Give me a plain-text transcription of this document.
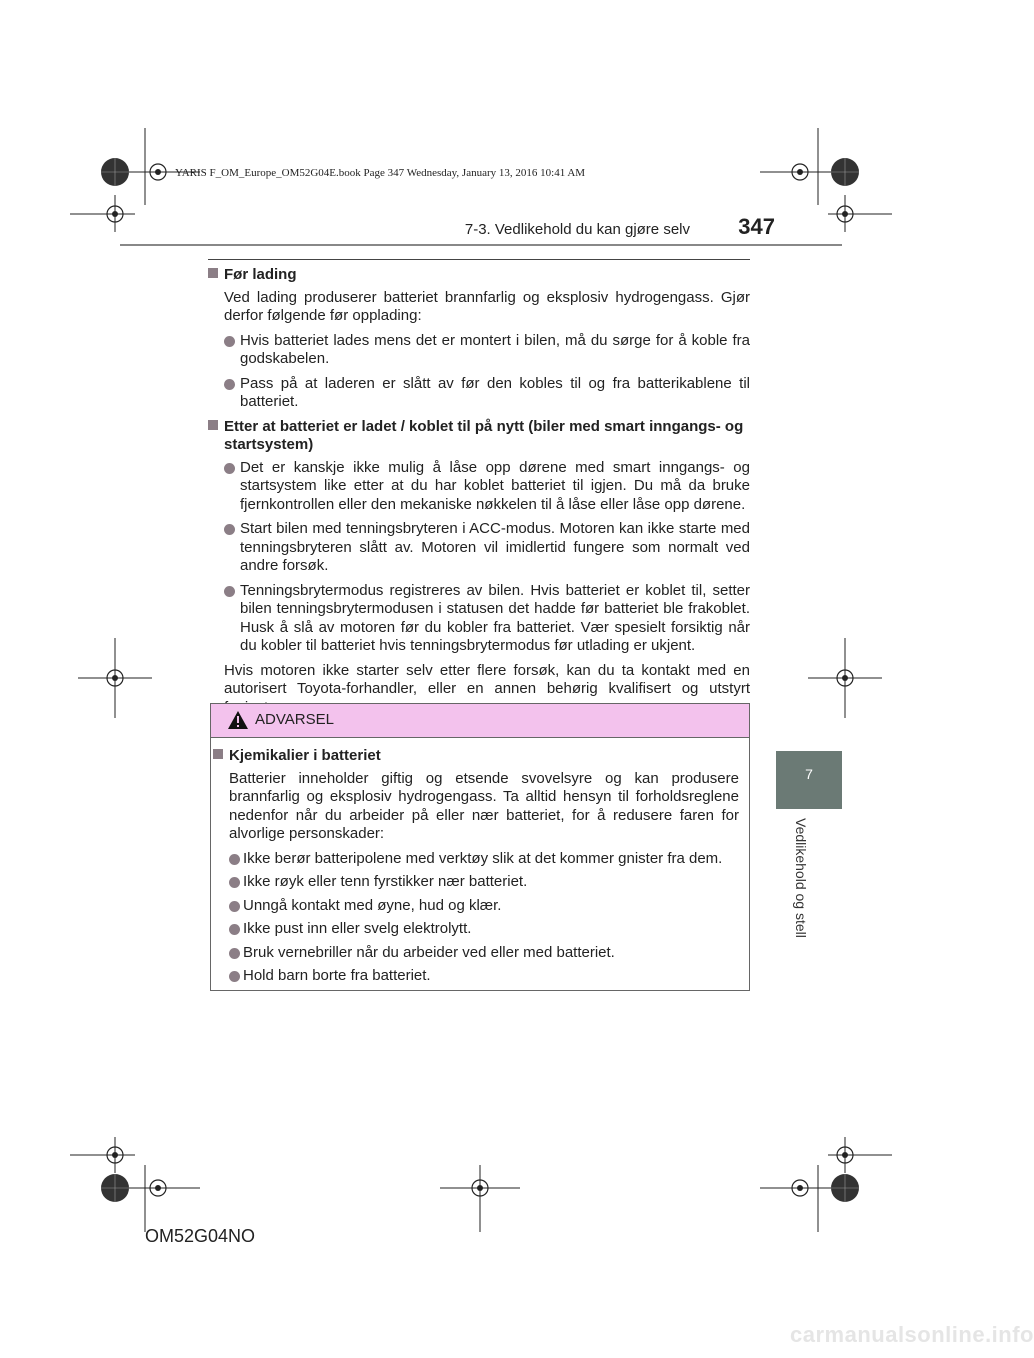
YARIS F_OM_Europe_OM52G04E.book Page 347 Wednesday, January 13, 2016 10:41 AM
7-3. Vedlikehold du kan gjøre selv	347
7
Vedlikehold og stell
Før lading
Ved lading produserer batteriet brannfarlig og eksplosiv hydrogengass. Gjør derfor følgende før opplading:
Hvis batteriet lades mens det er montert i bilen, må du sørge for å koble fra godskabelen.
Pass på at laderen er slått av før den kobles til og fra batterikablene til batteriet.
Etter at batteriet er ladet / koblet til på nytt (biler med smart inngangs- og startsystem)
Det er kanskje ikke mulig å låse opp dørene med smart inngangs- og startsystem like etter at du har koblet batteriet til igjen. Du må da bruke fjernkontrollen eller den mekaniske nøkkelen til å låse eller låse opp dørene.
Start bilen med tenningsbryteren i ACC-modus. Motoren kan ikke starte med tenningsbryteren slått av. Motoren vil imidlertid fungere som normalt ved andre forsøk.
Tenningsbrytermodus registreres av bilen. Hvis batteriet er koblet til, setter bilen tenningsbrytermodusen i statusen det hadde før batteriet ble frakoblet. Husk å slå av motoren før du kobler fra batteriet. Vær spesielt forsiktig når du kobler til batteriet hvis tenningsbrytermodus før utlading er ukjent.
Hvis motoren ikke starter selv etter flere forsøk, kan du ta kontakt med en autorisert Toyota-forhandler, eller en annen behørig kvalifisert og utstyrt
ADVARSEL
Kjemikalier i batteriet
Batterier inneholder giftig og etsende svovelsyre og kan produsere brannfarlig og eksplosiv hydrogengass. Ta alltid hensyn til forholdsreglene nedenfor når du arbeider på eller nær batteriet, for å redusere faren for alvorlige personskader:
Ikke berør batteripolene med verktøy slik at det kommer gnister fra dem.
Ikke røyk eller tenn fyrstikker nær batteriet.
Unngå kontakt med øyne, hud og klær.
Ikke pust inn eller svelg elektrolytt.
Bruk vernebriller når du arbeider ved eller med batteriet.
Hold barn borte fra batteriet.
OM52G04NO
carmanualsonline.info
